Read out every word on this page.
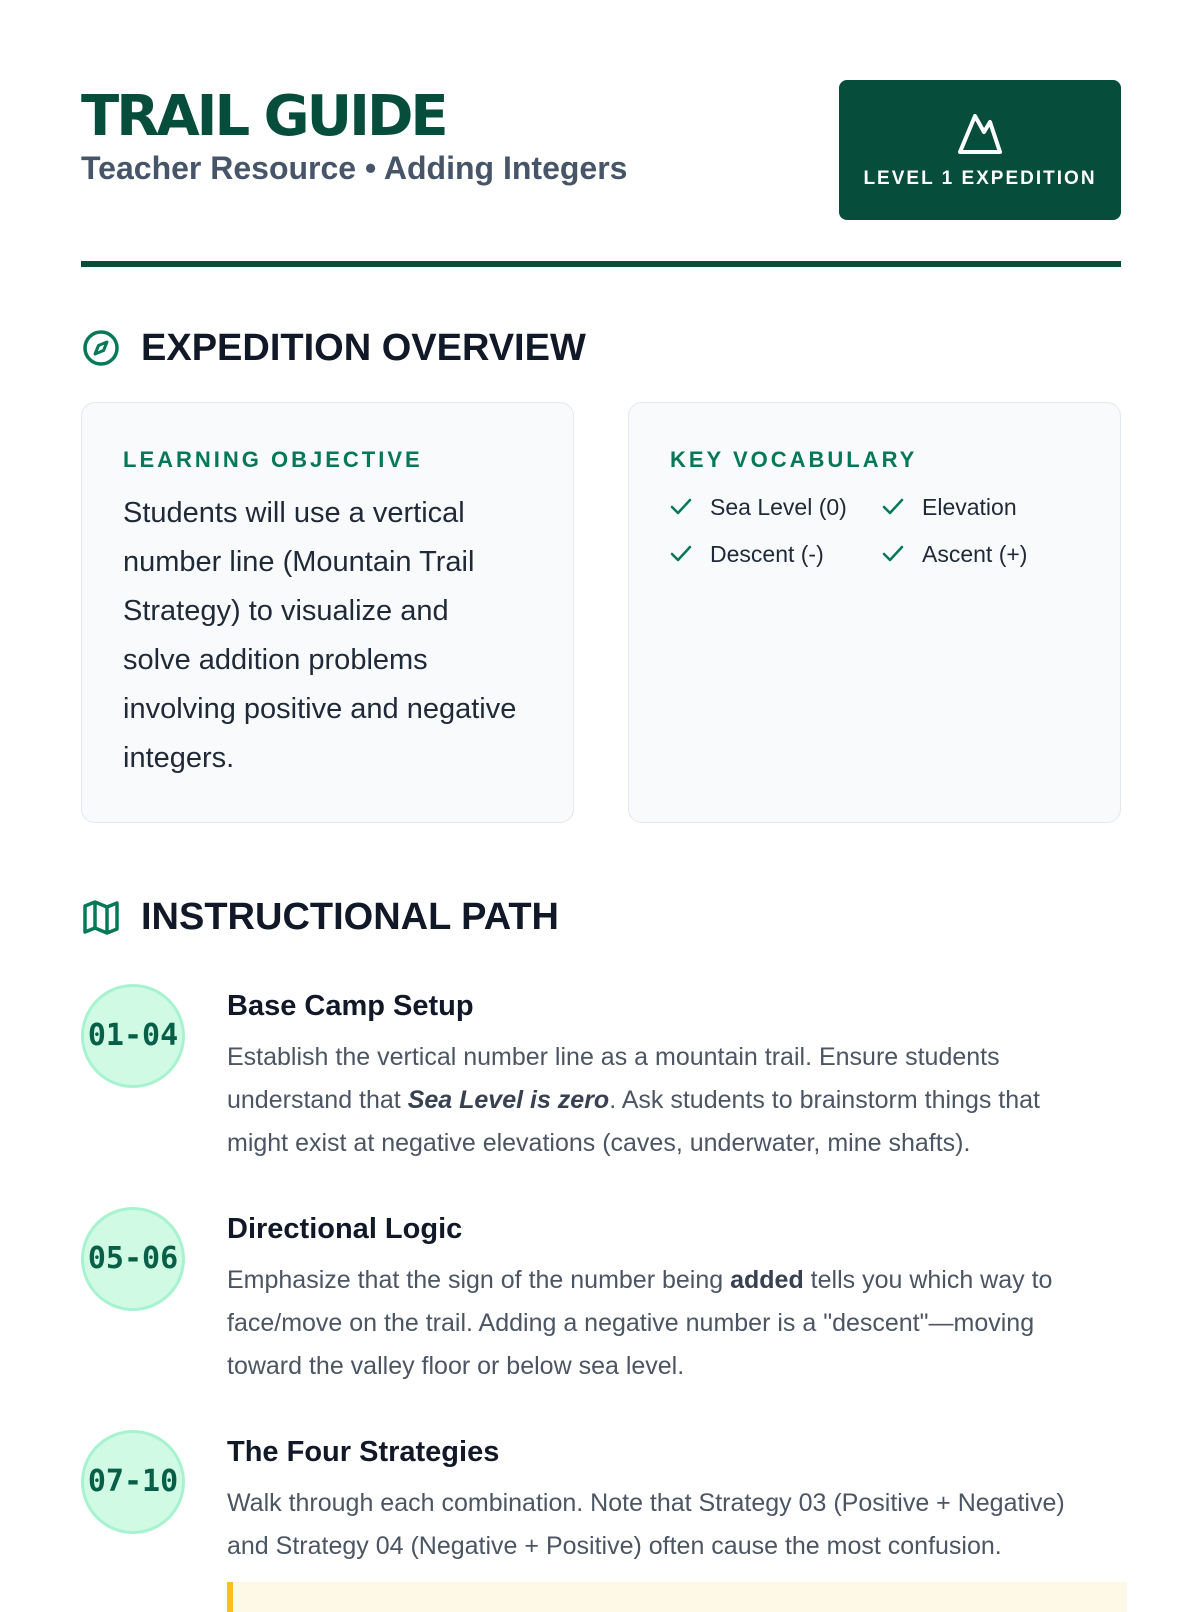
TRAIL GUIDE

Teacher Resource • Adding Integers	LEVEL 1 EXPEDITION
EXPEDITION OVERVIEW
LEARNING OBJECTIVE

Students will use a vertical
number line (Mountain Trail
Strategy) to visualize and
solve addition problems
involving positive and negative
integers.

KEY VOCABULARY
Sea Level (0)	Elevation
Descent (-)	Ascent (+)
INSTRUCTIONAL PATH
01-04
Base Camp Setup

Establish the vertical number line as a mountain trail. Ensure students
understand that Sea Level is zero. Ask students to brainstorm things that
might exist at negative elevations (caves, underwater, mine shafts).

05-06
Directional Logic

Emphasize that the sign of the number being added tells you which way to
face/move on the trail. Adding a negative number is a "descent"—moving
toward the valley floor or below sea level.

07-10
The Four Strategies

Walk through each combination. Note that Strategy 03 (Positive + Negative)
and Strategy 04 (Negative + Positive) often cause the most confusion.
